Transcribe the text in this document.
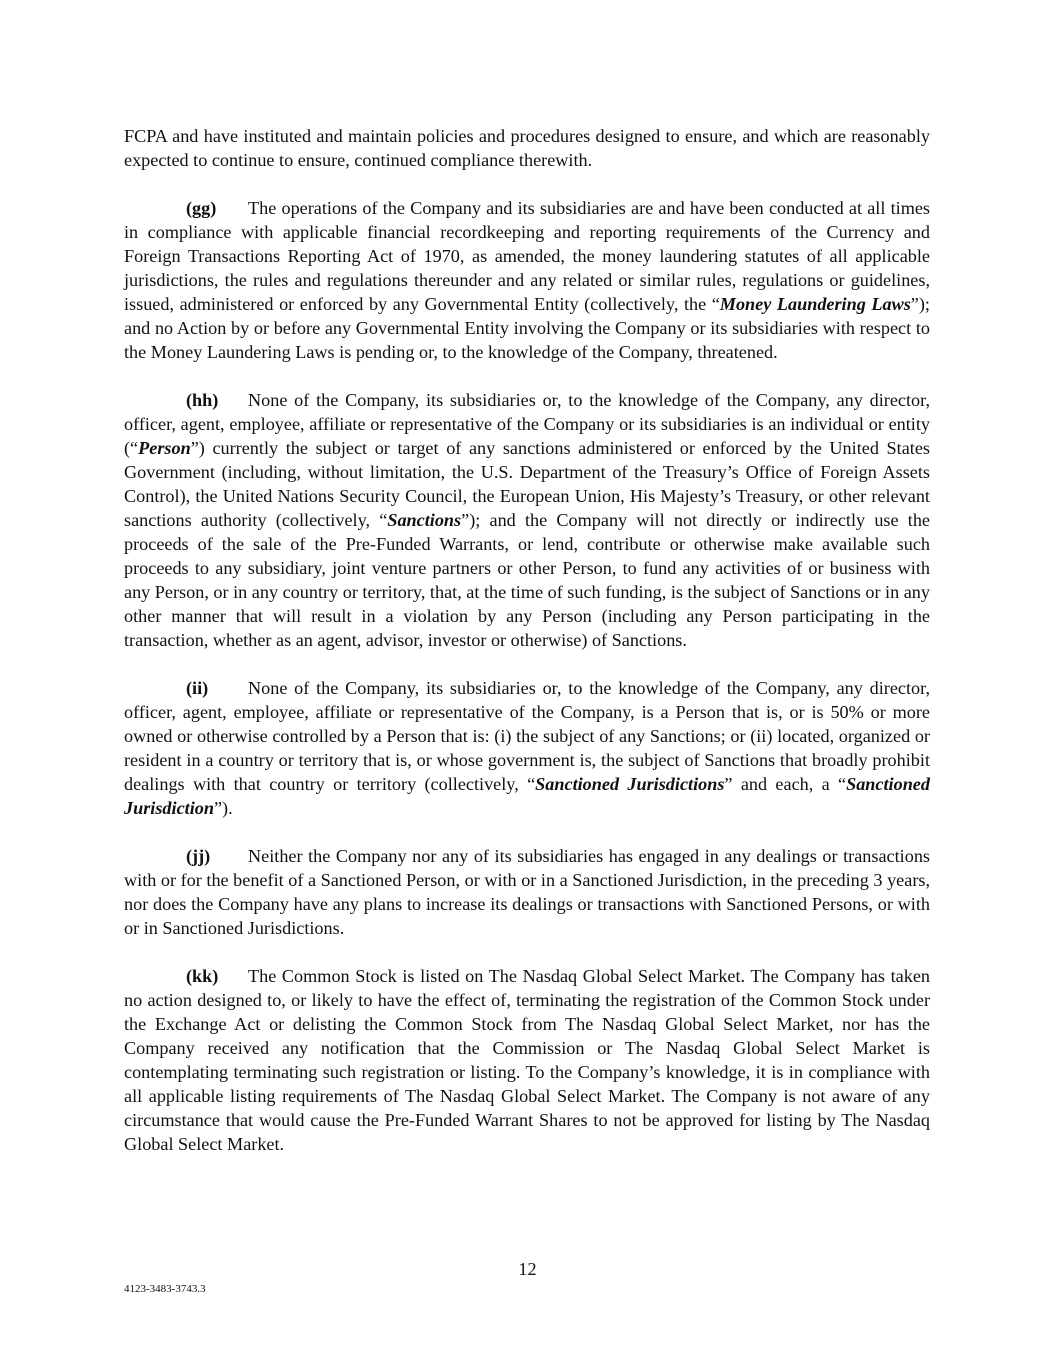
FCPA and have instituted and maintain policies and procedures designed to ensure, and which are reasonably expected to continue to ensure, continued compliance therewith.

(gg) The operations of the Company and its subsidiaries are and have been conducted at all times in compliance with applicable financial recordkeeping and reporting requirements of the Currency and Foreign Transactions Reporting Act of 1970, as amended, the money laundering statutes of all applicable jurisdictions, the rules and regulations thereunder and any related or similar rules, regulations or guidelines, issued, administered or enforced by any Governmental Entity (collectively, the “Money Laundering Laws”); and no Action by or before any Governmental Entity involving the Company or its subsidiaries with respect to the Money Laundering Laws is pending or, to the knowledge of the Company, threatened.

(hh) None of the Company, its subsidiaries or, to the knowledge of the Company, any director, officer, agent, employee, affiliate or representative of the Company or its subsidiaries is an individual or entity (“Person”) currently the subject or target of any sanctions administered or enforced by the United States Government (including, without limitation, the U.S. Department of the Treasury’s Office of Foreign Assets Control), the United Nations Security Council, the European Union, His Majesty’s Treasury, or other relevant sanctions authority (collectively, “Sanctions”); and the Company will not directly or indirectly use the proceeds of the sale of the Pre-Funded Warrants, or lend, contribute or otherwise make available such proceeds to any subsidiary, joint venture partners or other Person, to fund any activities of or business with any Person, or in any country or territory, that, at the time of such funding, is the subject of Sanctions or in any other manner that will result in a violation by any Person (including any Person participating in the transaction, whether as an agent, advisor, investor or otherwise) of Sanctions.

(ii) None of the Company, its subsidiaries or, to the knowledge of the Company, any director, officer, agent, employee, affiliate or representative of the Company, is a Person that is, or is 50% or more owned or otherwise controlled by a Person that is: (i) the subject of any Sanctions; or (ii) located, organized or resident in a country or territory that is, or whose government is, the subject of Sanctions that broadly prohibit dealings with that country or territory (collectively, “Sanctioned Jurisdictions” and each, a “Sanctioned Jurisdiction”).

(jj) Neither the Company nor any of its subsidiaries has engaged in any dealings or transactions with or for the benefit of a Sanctioned Person, or with or in a Sanctioned Jurisdiction, in the preceding 3 years, nor does the Company have any plans to increase its dealings or transactions with Sanctioned Persons, or with or in Sanctioned Jurisdictions.

(kk) The Common Stock is listed on The Nasdaq Global Select Market. The Company has taken no action designed to, or likely to have the effect of, terminating the registration of the Common Stock under the Exchange Act or delisting the Common Stock from The Nasdaq Global Select Market, nor has the Company received any notification that the Commission or The Nasdaq Global Select Market is contemplating terminating such registration or listing. To the Company’s knowledge, it is in compliance with all applicable listing requirements of The Nasdaq Global Select Market. The Company is not aware of any circumstance that would cause the Pre-Funded Warrant Shares to not be approved for listing by The Nasdaq Global Select Market.

12
4123-3483-3743.3
